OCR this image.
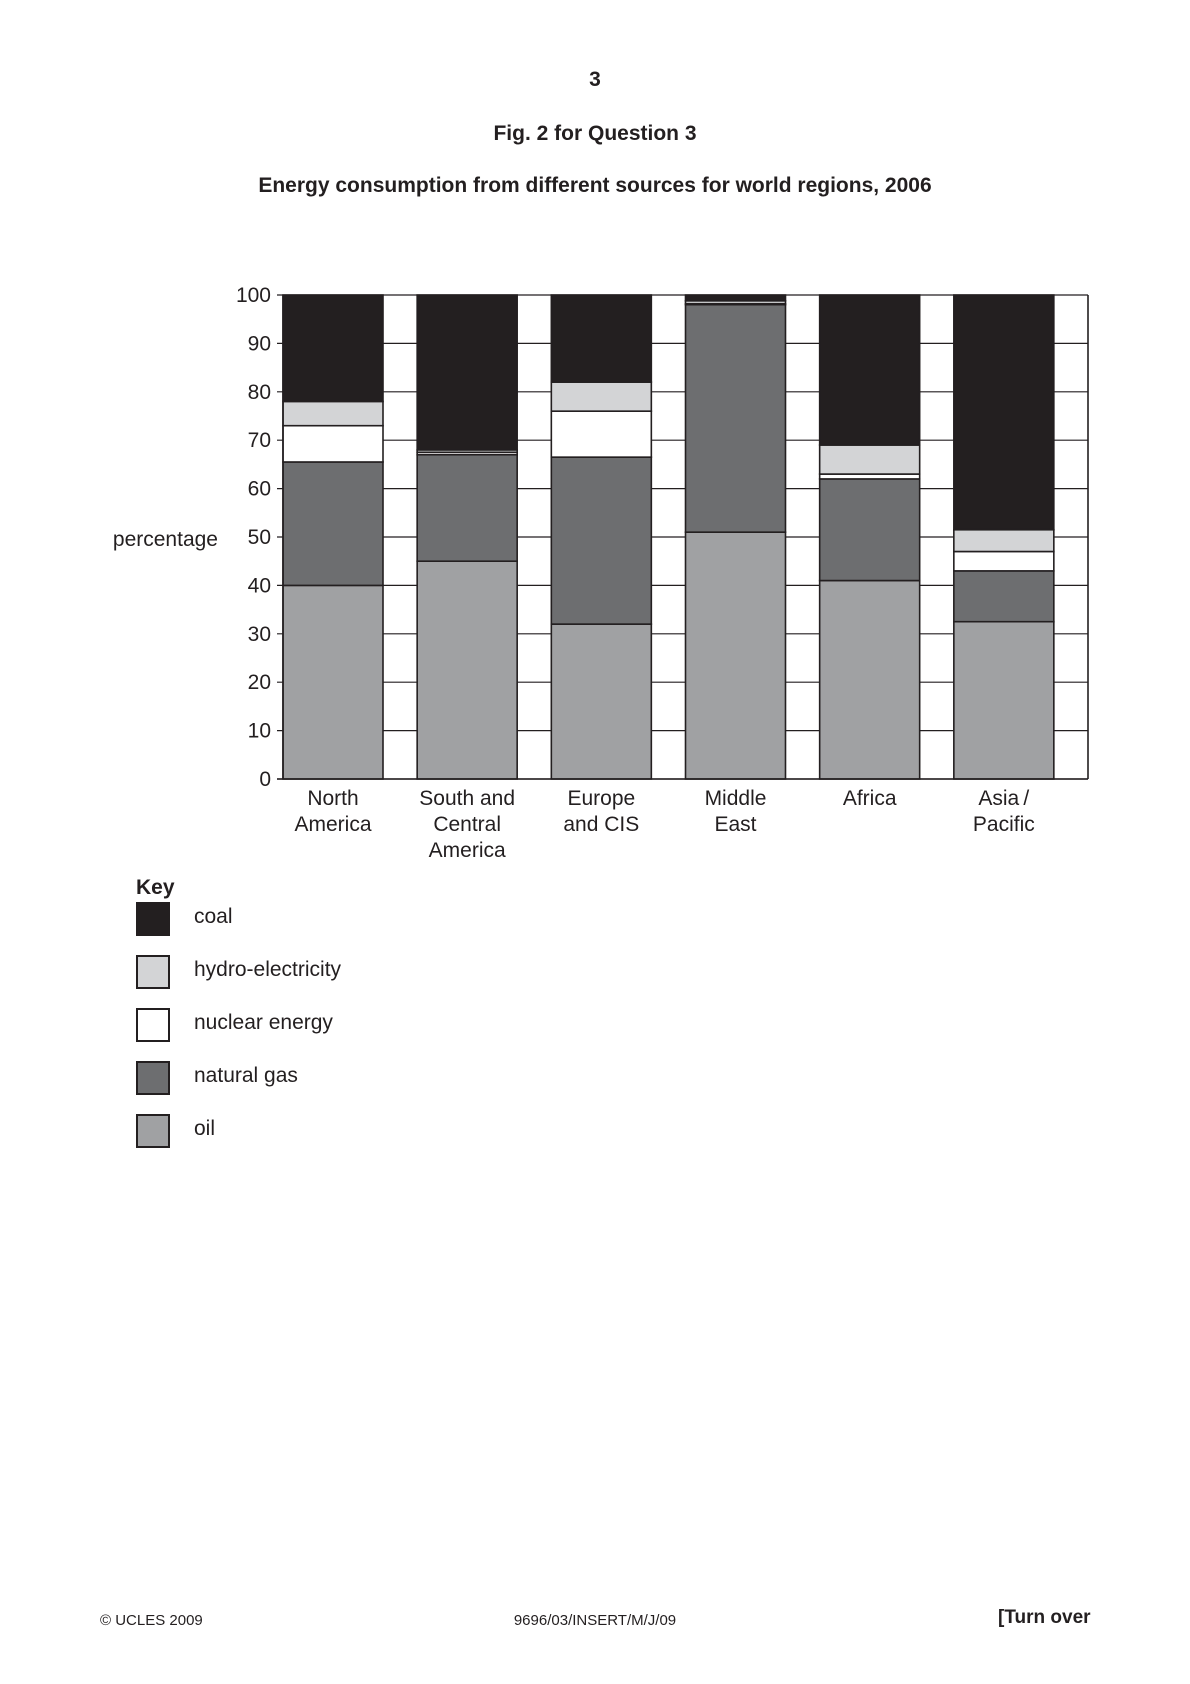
3
Fig. 2 for Question 3
Energy consumption from different sources for world regions, 2006
0
10
20
30
40
50
60
70
80
90
100
North America
South and Central America
Europe and CIS
Middle East
Africa	Asia / Pacific
percentage
Key
coal
hydro-electricity
nuclear energy
natural gas
oil
© UCLES 2009	9696/03/INSERT/M/J/09	[Turn over
